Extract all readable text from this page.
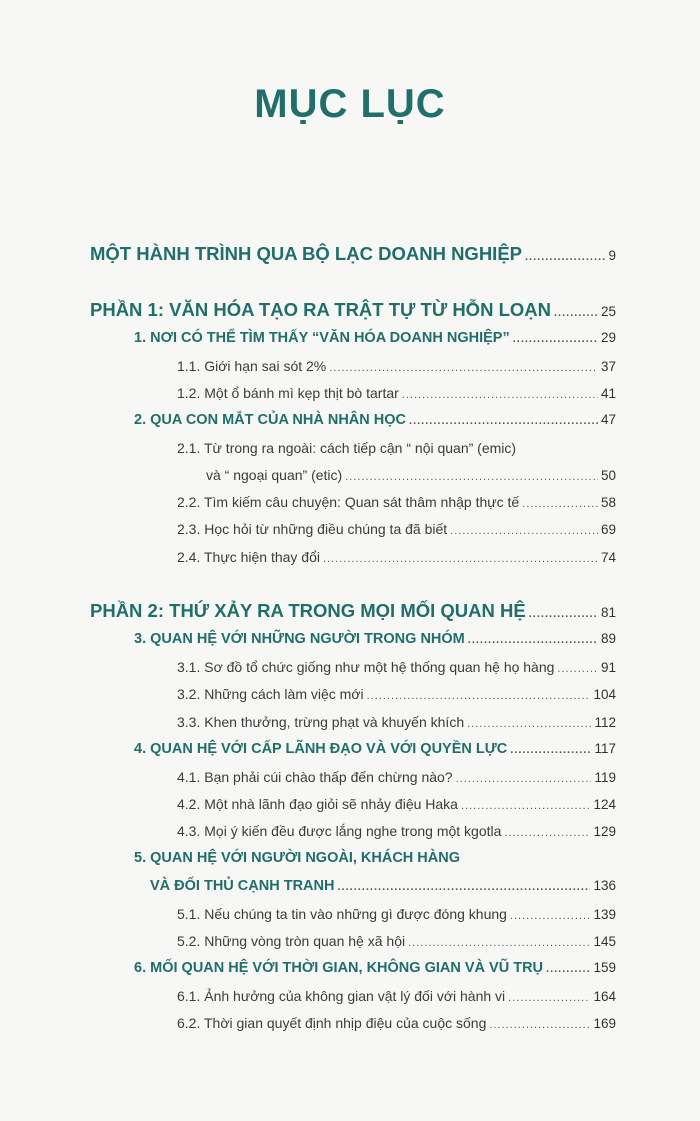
MỤC LỤC
MỘT HÀNH TRÌNH QUA BỘ LẠC DOANH NGHIỆP .....	9
PHẦN 1: VĂN HÓA TẠO RA TRẬT TỰ TỪ HỖN LOẠN .....	25
1. NƠI CÓ THỂ TÌM THẤY “VĂN HÓA DOANH NGHIỆP” .....	29
1.1. Giới hạn sai sót 2% .....	37
1.2. Một ổ bánh mì kẹp thịt bò tartar .....	41
2. QUA CON MẮT CỦA NHÀ NHÂN HỌC .....	47
2.1. Từ trong ra ngoài: cách tiếp cận “ nội quan” (emic)
và “ ngoại quan” (etic) .....	50
2.2. Tìm kiếm câu chuyện: Quan sát thâm nhập thực tế .....	58
2.3. Học hỏi từ những điều chúng ta đã biết .....	69
2.4. Thực hiện thay đổi .....	74
PHẦN 2: THỨ XẢY RA TRONG MỌI MỐI QUAN HỆ .....	81
3. QUAN HỆ VỚI NHỮNG NGƯỜI TRONG NHÓM .....	89
3.1. Sơ đồ tổ chức giống như một hệ thống quan hệ họ hàng .....	91
3.2. Những cách làm việc mới .....	104
3.3. Khen thưởng, trừng phạt và khuyến khích .....	112
4. QUAN HỆ VỚI CẤP LÃNH ĐẠO VÀ VỚI QUYỀN LỰC .....	117
4.1. Bạn phải cúi chào thấp đến chừng nào? .....	119
4.2. Một nhà lãnh đạo giỏi sẽ nhảy điệu Haka .....	124
4.3. Mọi ý kiến đều được lắng nghe trong một kgotla .....	129
5. QUAN HỆ VỚI NGƯỜI NGOÀI, KHÁCH HÀNG
VÀ ĐỐI THỦ CẠNH TRANH .....	136
5.1. Nếu chúng ta tin vào những gì được đóng khung .....	139
5.2. Những vòng tròn quan hệ xã hội .....	145
6. MỐI QUAN HỆ VỚI THỜI GIAN, KHÔNG GIAN VÀ VŨ TRỤ .....	159
6.1. Ảnh hưởng của không gian vật lý đối với hành vi .....	164
6.2. Thời gian quyết định nhịp điệu của cuộc sống .....	169
